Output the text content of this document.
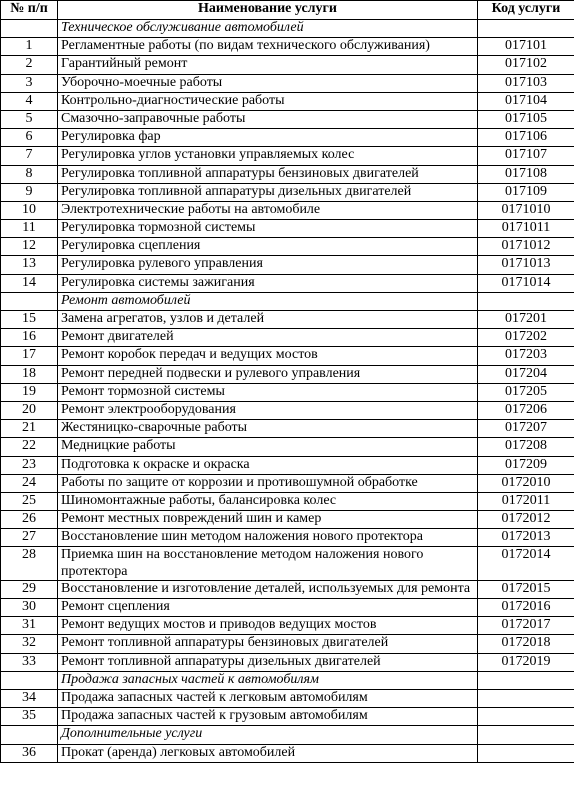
№ п/п	Наименование услуги	Код услуги
	Техническое обслуживание автомобилей	
1	Регламентные работы (по видам технического обслуживания)	017101
2	Гарантийный ремонт	017102
3	Уборочно-моечные работы	017103
4	Контрольно-диагностические работы	017104
5	Смазочно-заправочные работы	017105
6	Регулировка фар	017106
7	Регулировка углов установки управляемых колес	017107
8	Регулировка топливной аппаратуры бензиновых двигателей	017108
9	Регулировка топливной аппаратуры дизельных двигателей	017109
10	Электротехнические работы на автомобиле	0171010
11	Регулировка тормозной системы	0171011
12	Регулировка сцепления	0171012
13	Регулировка рулевого управления	0171013
14	Регулировка системы зажигания	0171014
	Ремонт автомобилей	
15	Замена агрегатов, узлов и деталей	017201
16	Ремонт двигателей	017202
17	Ремонт коробок передач и ведущих мостов	017203
18	Ремонт передней подвески и рулевого управления	017204
19	Ремонт тормозной системы	017205
20	Ремонт электрооборудования	017206
21	Жестяницко-сварочные работы	017207
22	Медницкие работы	017208
23	Подготовка к окраске и окраска	017209
24	Работы по защите от коррозии и противошумной обработке	0172010
25	Шиномонтажные работы, балансировка колес	0172011
26	Ремонт местных повреждений шин и камер	0172012
27	Восстановление шин методом наложения нового протектора	0172013
28	Приемка шин на восстановление методом наложения нового протектора	0172014
29	Восстановление и изготовление деталей, используемых для ремонта	0172015
30	Ремонт сцепления	0172016
31	Ремонт ведущих мостов и приводов ведущих мостов	0172017
32	Ремонт топливной аппаратуры бензиновых двигателей	0172018
33	Ремонт топливной аппаратуры дизельных двигателей	0172019
	Продажа запасных частей к автомобилям	
34	Продажа запасных частей к легковым автомобилям	
35	Продажа запасных частей к грузовым автомобилям	
	Дополнительные услуги	
36	Прокат (аренда) легковых автомобилей	
